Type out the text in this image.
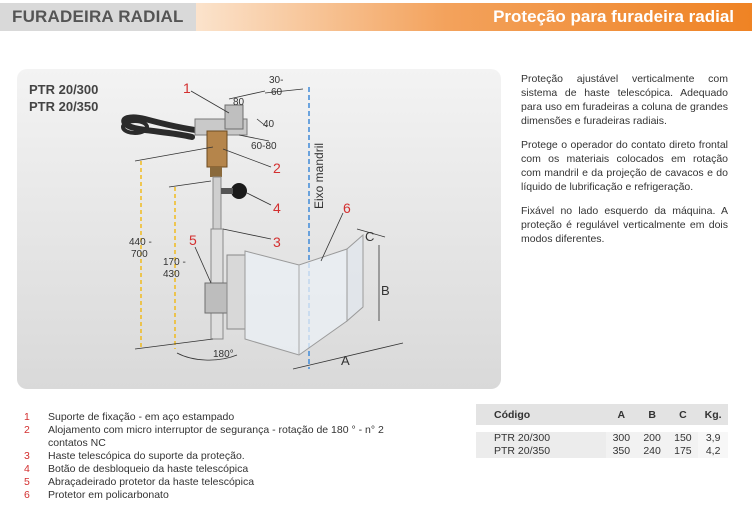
FURADEIRA RADIAL	Proteção para furadeira radial
PTR 20/300
PTR 20/350
Eixo mandril
30-
60
80
40
60-80
440 -
700
170 -
430
180°	A
B
C
1
2
4
3
5
6

Proteção ajustável verticalmente com sistema de haste telescópica. Adequado para uso em furadeiras a coluna de grandes dimensões e furadeiras radiais.

Protege o operador do contato direto frontal com os materiais colocados em rotação com mandril e da projeção de cavacos e do líquido de lubrificação e refrigeração.

Fixável no lado esquerdo da máquina. A proteção é regulável verticalmente em dois modos diferentes.

1	Suporte de fixação - em aço estampado
2	Alojamento com micro interruptor de segurança - rotação de 180 ° - n° 2 contatos NC
3	Haste telescópica do suporte da proteção.
4	Botão de desbloqueio da haste telescópica
5	Abraçadeirado protetor da haste telescópica
6	Protetor em policarbonato
Código	A	B	C	Kg.

PTR 20/300	300	200	150	3,9
PTR 20/350	350	240	175	4,2
